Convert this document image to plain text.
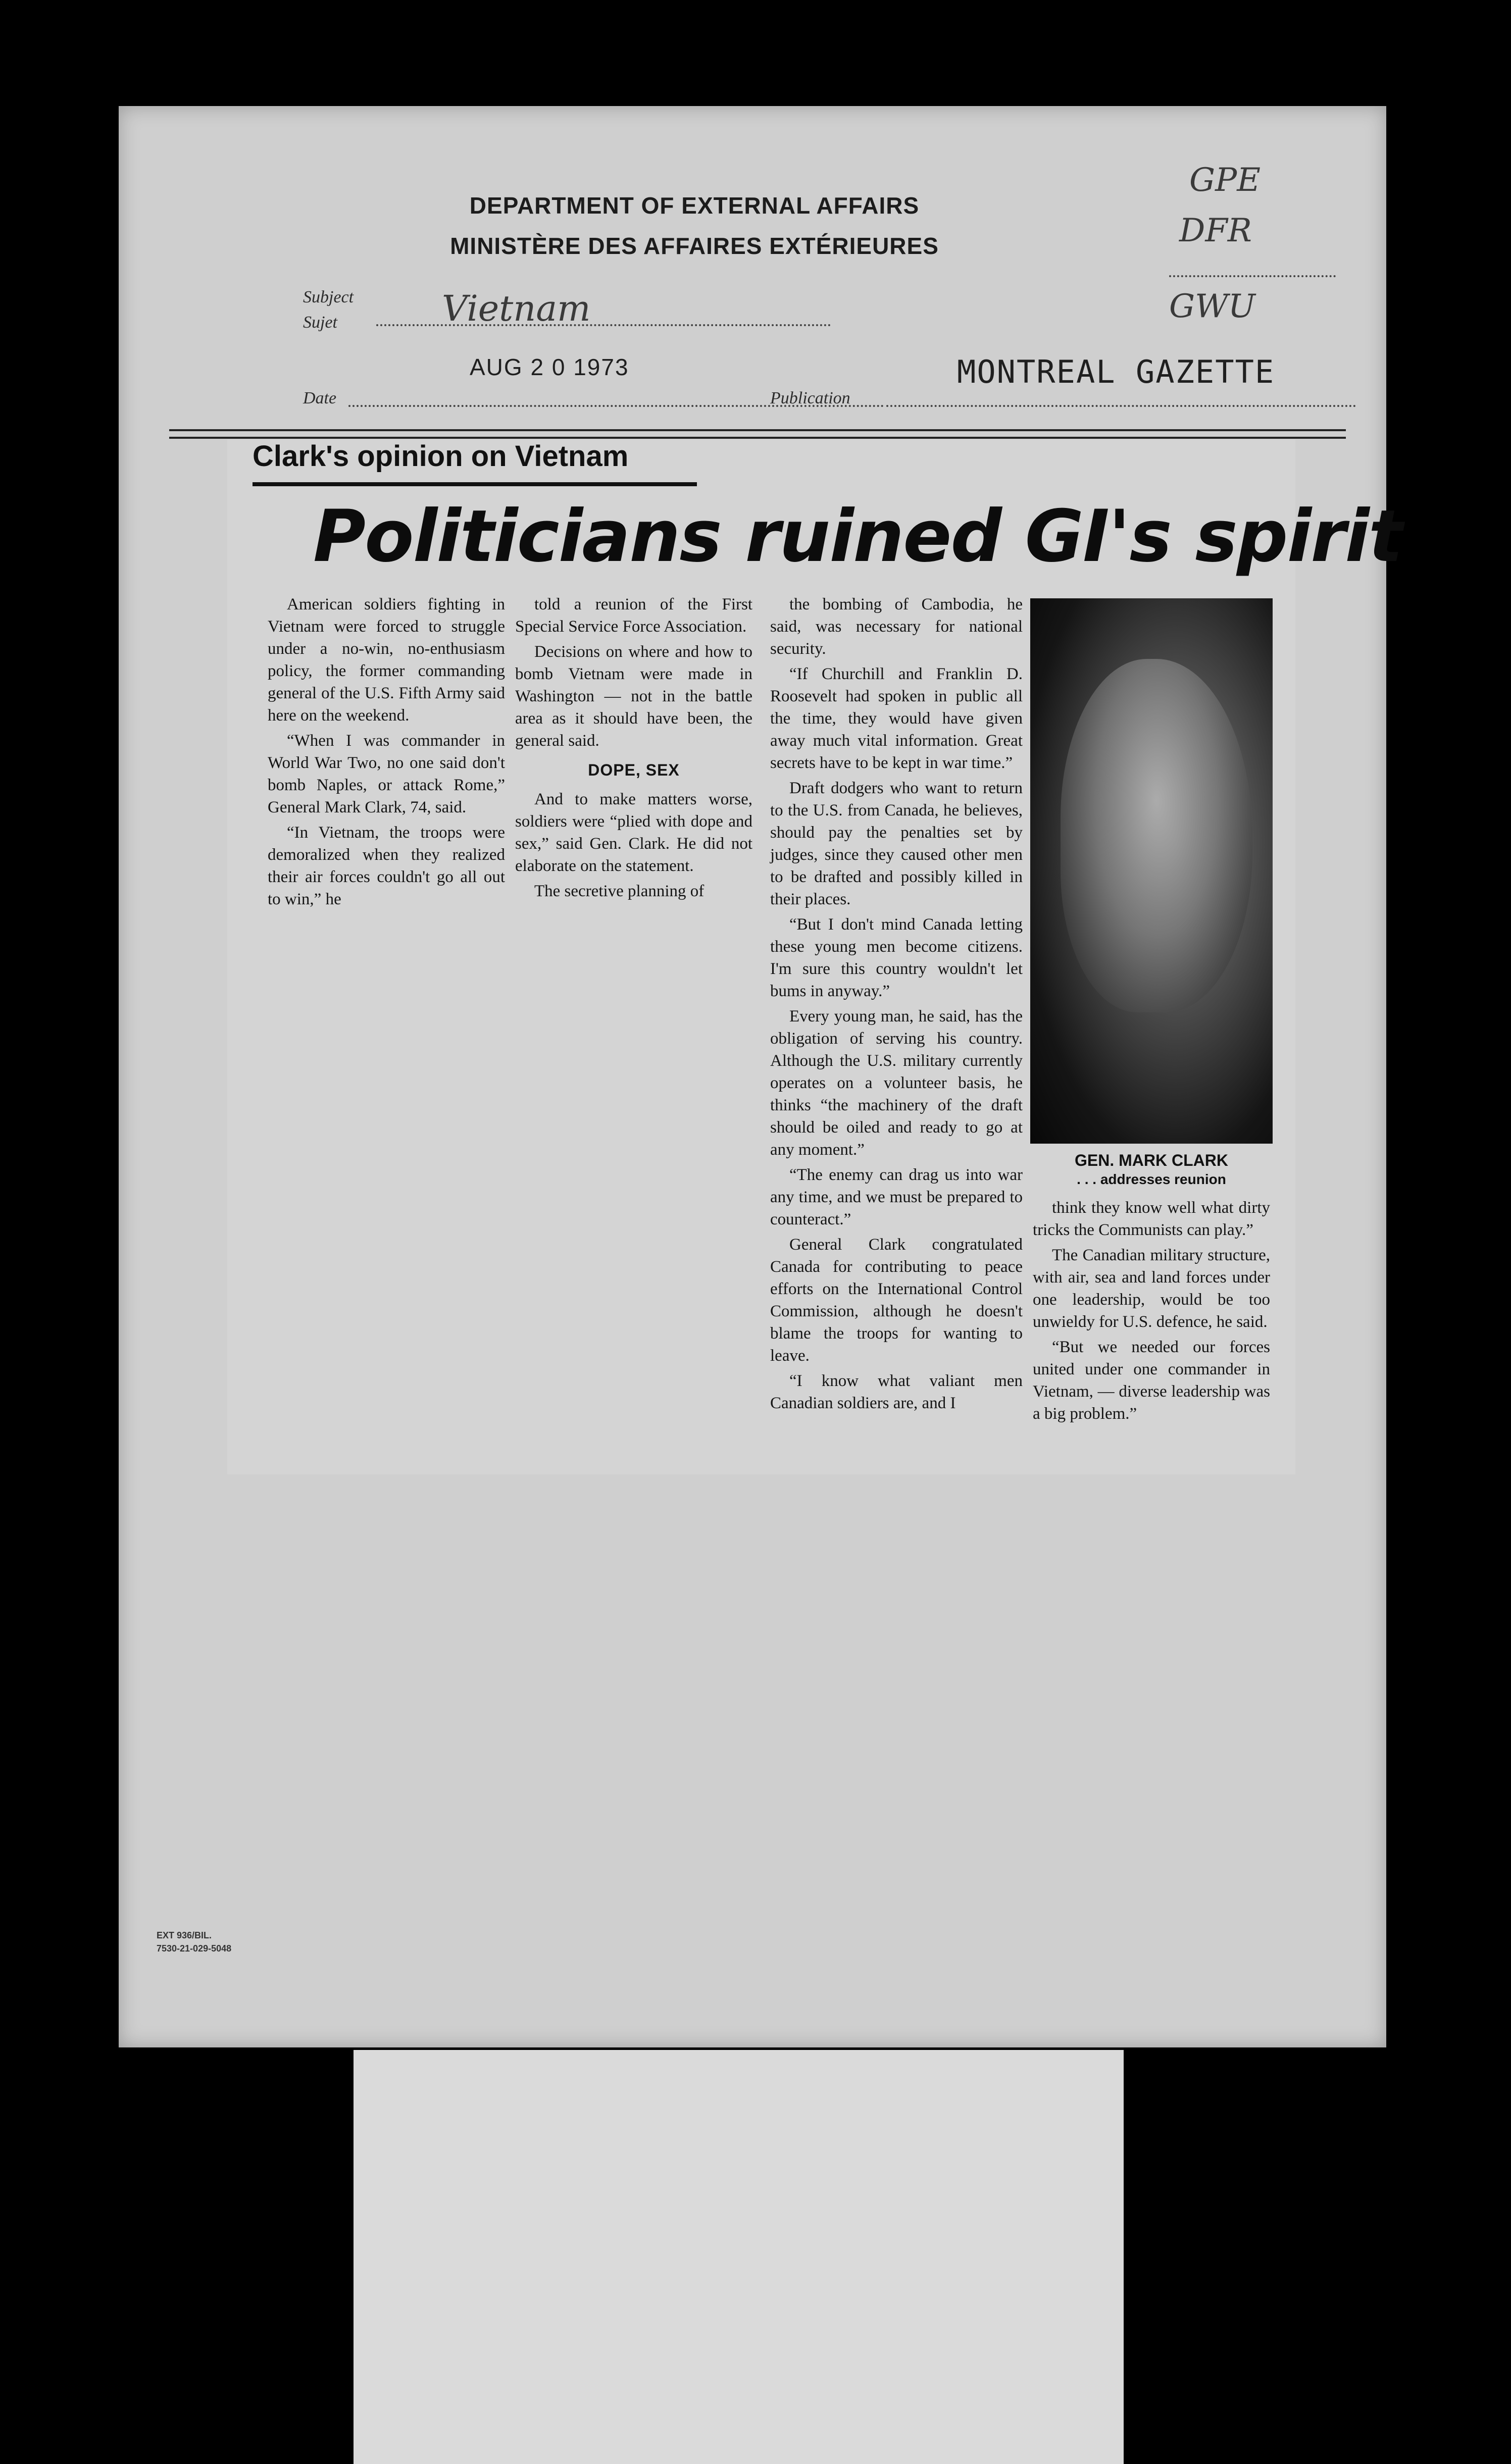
DEPARTMENT OF EXTERNAL AFFAIRS
MINISTÈRE DES AFFAIRES EXTÉRIEURES
GPE
DFR
GWU
Subject
Sujet	Vietnam
AUG 2 0 1973
Date	Publication
MONTREAL GAZETTE
EXT 936/BIL.
7530-21-029-5048
Clark's opinion on Vietnam
Politicians ruined GI's spirit

American soldiers fighting in Vietnam were forced to struggle under a no-win, no-enthusiasm policy, the former commanding general of the U.S. Fifth Army said here on the weekend.

“When I was commander in World War Two, no one said don't bomb Naples, or attack Rome,” General Mark Clark, 74, said.

“In Vietnam, the troops were demoralized when they realized their air forces couldn't go all out to win,” he

told a reunion of the First Special Service Force Association.

Decisions on where and how to bomb Vietnam were made in Washington — not in the battle area as it should have been, the general said.

DOPE, SEX

And to make matters worse, soldiers were “plied with dope and sex,” said Gen. Clark. He did not elaborate on the statement.

The secretive planning of

the bombing of Cambodia, he said, was necessary for national security.

“If Churchill and Franklin D. Roosevelt had spoken in public all the time, they would have given away much vital information. Great secrets have to be kept in war time.”

Draft dodgers who want to return to the U.S. from Canada, he believes, should pay the penalties set by judges, since they caused other men to be drafted and possibly killed in their places.

“But I don't mind Canada letting these young men become citizens. I'm sure this country wouldn't let bums in anyway.”

Every young man, he said, has the obligation of serving his country. Although the U.S. military currently operates on a volunteer basis, he thinks “the machinery of the draft should be oiled and ready to go at any moment.”

“The enemy can drag us into war any time, and we must be prepared to counteract.”

General Clark congratulated Canada for contributing to peace efforts on the International Control Commission, although he doesn't blame the troops for wanting to leave.

“I know what valiant men Canadian soldiers are, and I

GEN. MARK CLARK
. . . addresses reunion

think they know well what dirty tricks the Communists can play.”

The Canadian military structure, with air, sea and land forces under one leadership, would be too unwieldy for U.S. defence, he said.

“But we needed our forces united under one commander in Vietnam, — diverse leadership was a big problem.”
